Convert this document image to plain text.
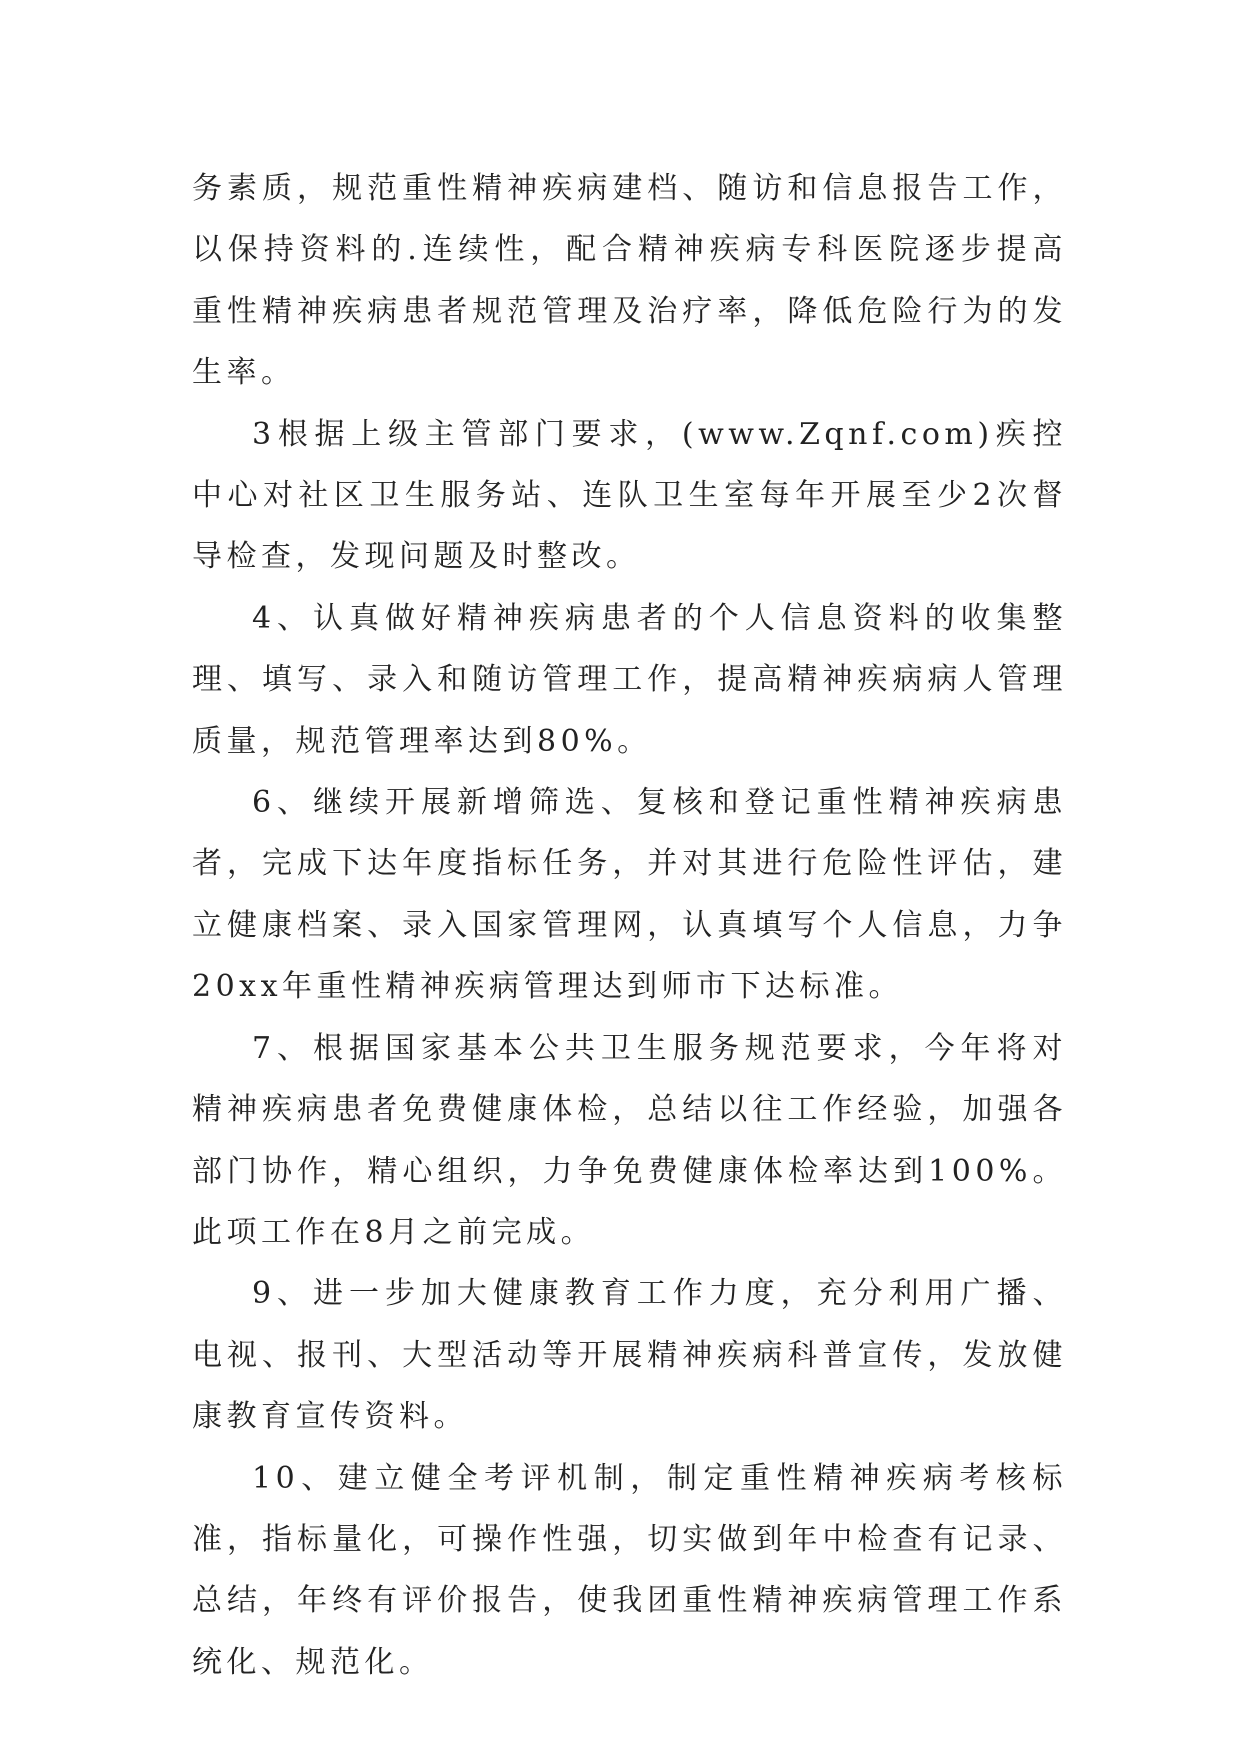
务素质，规范重性精神疾病建档、随访和信息报告工作，以保持资料的.连续性，配合精神疾病专科医院逐步提高重性精神疾病患者规范管理及治疗率，降低危险行为的发生率。

3根据上级主管部门要求，(www.Zqnf.com)疾控中心对社区卫生服务站、连队卫生室每年开展至少2次督导检查，发现问题及时整改。

4、认真做好精神疾病患者的个人信息资料的收集整理、填写、录入和随访管理工作，提高精神疾病病人管理质量，规范管理率达到80%。

6、继续开展新增筛选、复核和登记重性精神疾病患者，完成下达年度指标任务，并对其进行危险性评估，建立健康档案、录入国家管理网，认真填写个人信息，力争20xx年重性精神疾病管理达到师市下达标准。

7、根据国家基本公共卫生服务规范要求，今年将对精神疾病患者免费健康体检，总结以往工作经验，加强各部门协作，精心组织，力争免费健康体检率达到100%。此项工作在8月之前完成。

9、进一步加大健康教育工作力度，充分利用广播、电视、报刊、大型活动等开展精神疾病科普宣传，发放健康教育宣传资料。

10、建立健全考评机制，制定重性精神疾病考核标准，指标量化，可操作性强，切实做到年中检查有记录、总结，年终有评价报告，使我团重性精神疾病管理工作系统化、规范化。
